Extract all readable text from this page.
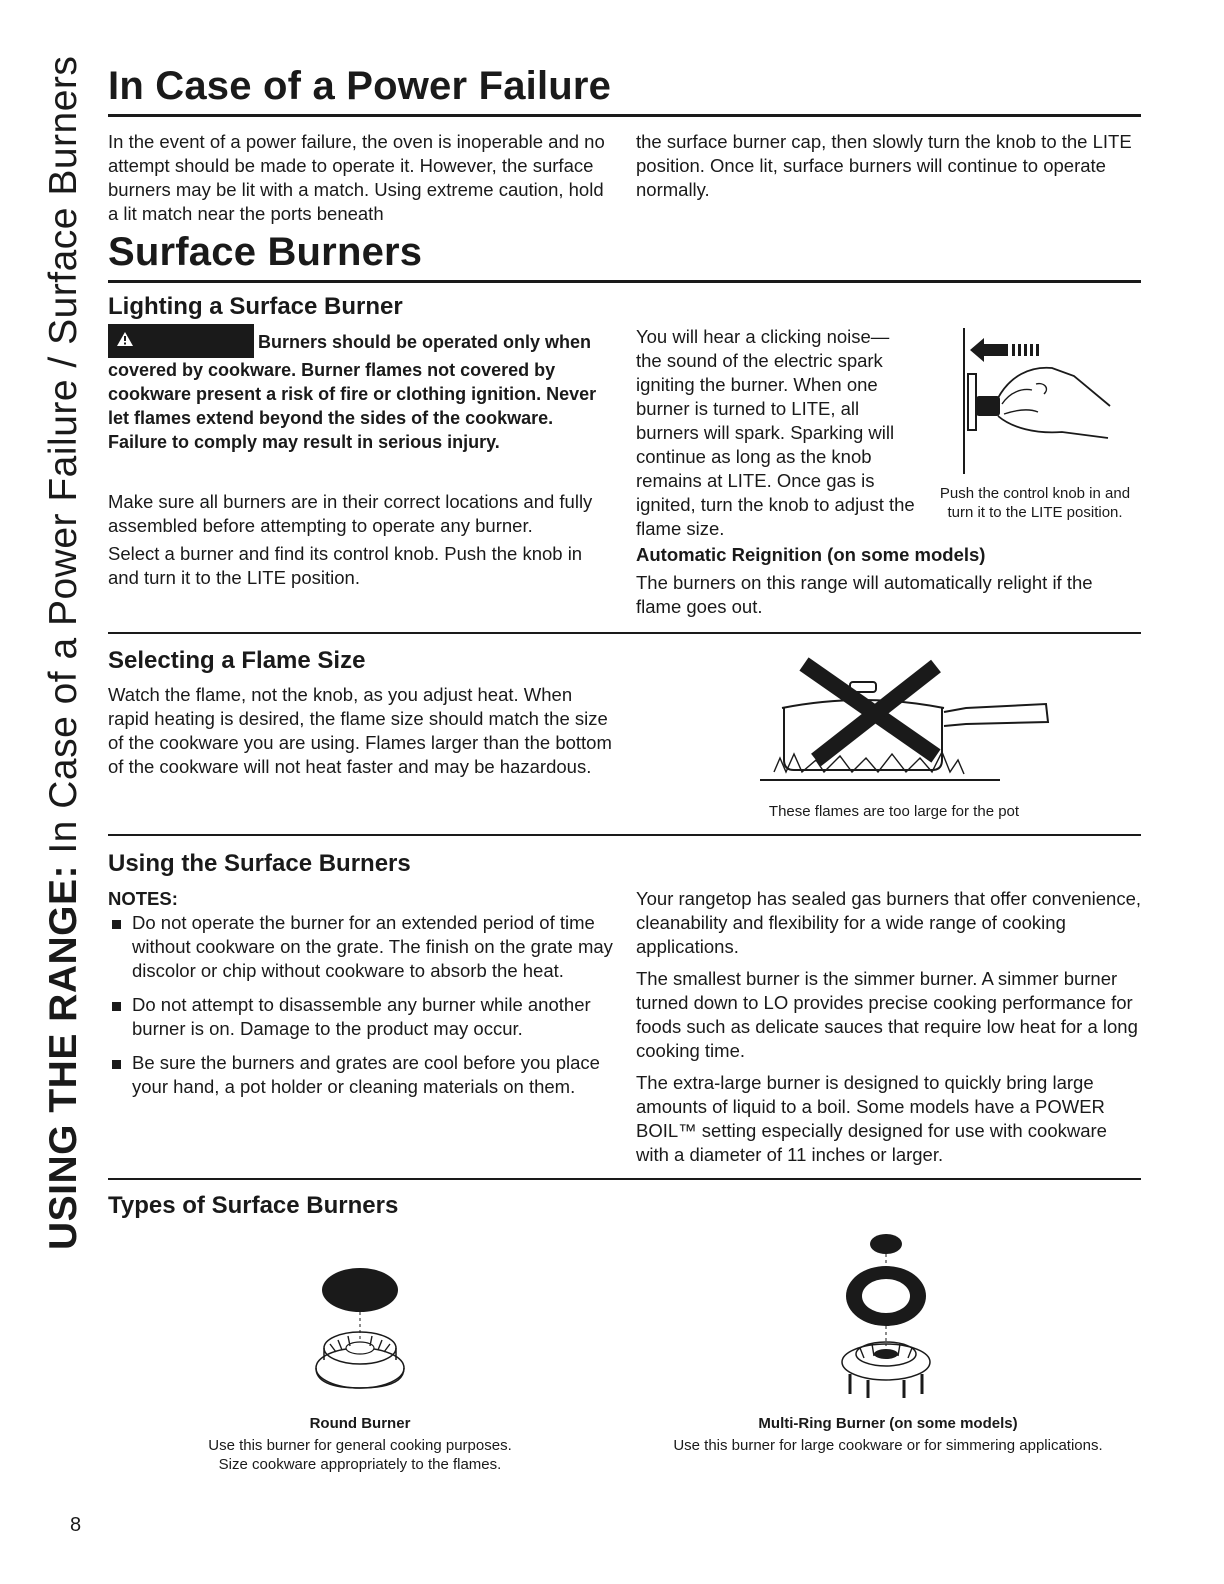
USING THE RANGE: In Case of a Power Failure / Surface Burners In Case of a Power Failure

In the event of a power failure, the oven is inoperable and no attempt should be made to operate it. However, the surface burners may be lit with a match. Using extreme caution, hold a lit match near the ports beneath

the surface burner cap, then slowly turn the knob to the LITE position. Once lit, surface burners will continue to operate normally.

Surface Burners
Lighting a Surface Burner
Burners should be operated only when covered by cookware. Burner flames not covered by cookware present a risk of fire or clothing ignition. Never let flames extend beyond the sides of the cookware. Failure to comply may result in serious injury.

Make sure all burners are in their correct locations and fully assembled before attempting to operate any burner.

Select a burner and find its control knob. Push the knob in and turn it to the LITE position.

You will hear a clicking noise— the sound of the electric spark igniting the burner. When one burner is turned to LITE, all burners will spark. Sparking will continue as long as the knob remains at LITE. Once gas is ignited, turn the knob to adjust the flame size.

Push the control knob in and turn it to the LITE position.

Automatic Reignition (on some models)

The burners on this range will automatically relight if the flame goes out.

Selecting a Flame Size

Watch the flame, not the knob, as you adjust heat. When rapid heating is desired, the flame size should match the size of the cookware you are using. Flames larger than the bottom of the cookware will not heat faster and may be hazardous.

These flames are too large for the pot
Using the Surface Burners

NOTES:

Do not operate the burner for an extended period of time without cookware on the grate. The finish on the grate may discolor or chip without cookware to absorb the heat.
Do not attempt to disassemble any burner while another burner is on. Damage to the product may occur.
Be sure the burners and grates are cool before you place your hand, a pot holder or cleaning materials on them.

Your rangetop has sealed gas burners that offer convenience, cleanability and flexibility for a wide range of cooking applications.

The smallest burner is the simmer burner. A simmer burner turned down to LO provides precise cooking performance for foods such as delicate sauces that require low heat for a long cooking time.

The extra-large burner is designed to quickly bring large amounts of liquid to a boil. Some models have a POWER BOIL™ setting especially designed for use with cookware with a diameter of 11 inches or larger.

Types of Surface Burners
Round Burner
Use this burner for general cooking purposes.
Size cookware appropriately to the flames.
Multi-Ring Burner (on some models)
Use this burner for large cookware or for simmering applications.
8
